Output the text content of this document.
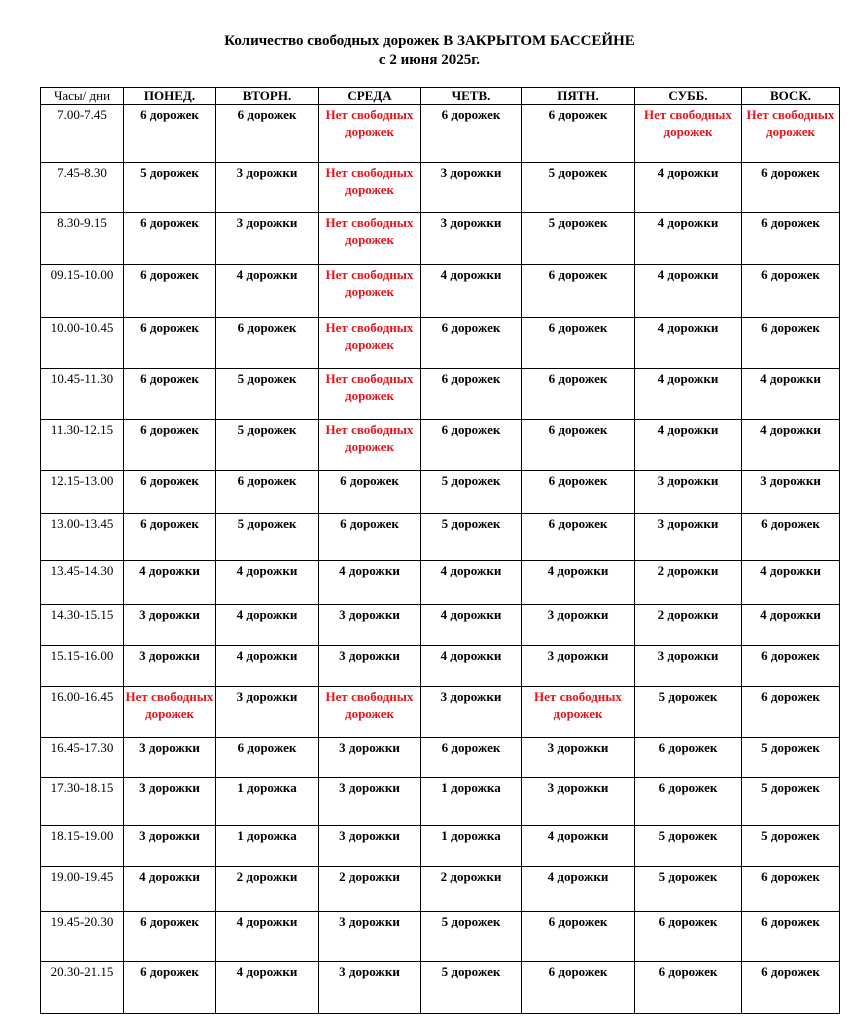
Количество свободных дорожек В ЗАКРЫТОМ БАССЕЙНЕ
с 2 июня 2025г.
Часы/ дни	ПОНЕД.	ВТОРН.	СРЕДА	ЧЕТВ.	ПЯТН.	СУББ.	ВОСК.
7.00-7.45	6 дорожек	6 дорожек	Нет свободных дорожек	6 дорожек	6 дорожек	Нет свободных дорожек	Нет свободных дорожек
7.45-8.30	5 дорожек	3 дорожки	Нет свободных дорожек	3 дорожки	5 дорожек	4 дорожки	6 дорожек
8.30-9.15	6 дорожек	3 дорожки	Нет свободных дорожек	3 дорожки	5 дорожек	4 дорожки	6 дорожек
09.15-10.00	6 дорожек	4 дорожки	Нет свободных дорожек	4 дорожки	6 дорожек	4 дорожки	6 дорожек
10.00-10.45	6 дорожек	6 дорожек	Нет свободных дорожек	6 дорожек	6 дорожек	4 дорожки	6 дорожек
10.45-11.30	6 дорожек	5 дорожек	Нет свободных дорожек	6 дорожек	6 дорожек	4 дорожки	4 дорожки
11.30-12.15	6 дорожек	5 дорожек	Нет свободных дорожек	6 дорожек	6 дорожек	4 дорожки	4 дорожки
12.15-13.00	6 дорожек	6 дорожек	6 дорожек	5 дорожек	6 дорожек	3 дорожки	3 дорожки
13.00-13.45	6 дорожек	5 дорожек	6 дорожек	5 дорожек	6 дорожек	3 дорожки	6 дорожек
13.45-14.30	4 дорожки	4 дорожки	4 дорожки	4 дорожки	4 дорожки	2 дорожки	4 дорожки
14.30-15.15	3 дорожки	4 дорожки	3 дорожки	4 дорожки	3 дорожки	2 дорожки	4 дорожки
15.15-16.00	3 дорожки	4 дорожки	3 дорожки	4 дорожки	3 дорожки	3 дорожки	6 дорожек
16.00-16.45	Нет свободных дорожек	3 дорожки	Нет свободных дорожек	3 дорожки	Нет свободных дорожек	5 дорожек	6 дорожек
16.45-17.30	3 дорожки	6 дорожек	3 дорожки	6 дорожек	3 дорожки	6 дорожек	5 дорожек
17.30-18.15	3 дорожки	1 дорожка	3 дорожки	1 дорожка	3 дорожки	6 дорожек	5 дорожек
18.15-19.00	3 дорожки	1 дорожка	3 дорожки	1 дорожка	4 дорожки	5 дорожек	5 дорожек
19.00-19.45	4 дорожки	2 дорожки	2 дорожки	2 дорожки	4 дорожки	5 дорожек	6 дорожек
19.45-20.30	6 дорожек	4 дорожки	3 дорожки	5 дорожек	6 дорожек	6 дорожек	6 дорожек
20.30-21.15	6 дорожек	4 дорожки	3 дорожки	5 дорожек	6 дорожек	6 дорожек	6 дорожек
